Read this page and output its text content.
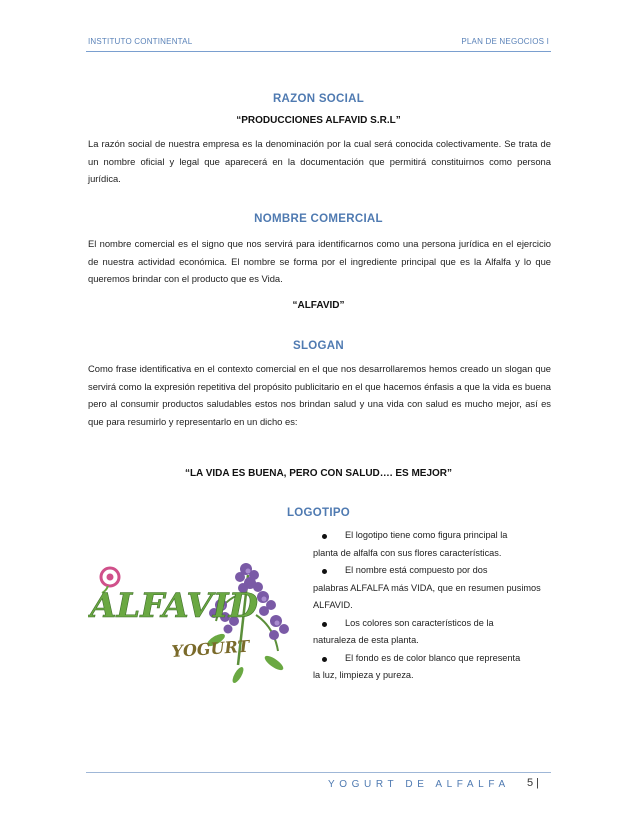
INSTITUTO CONTINENTAL	PLAN DE NEGOCIOS I
RAZON SOCIAL
“PRODUCCIONES ALFAVID S.R.L”

La razón social de nuestra empresa es la denominación por la cual será conocida colectivamente. Se trata de un nombre oficial y legal que aparecerá en la documentación que permitirá constituirnos como persona jurídica.

NOMBRE COMERCIAL

El nombre comercial es el signo que nos servirá para identificarnos como una persona jurídica en el ejercicio de nuestra actividad económica. El nombre se forma por el ingrediente principal que es la Alfalfa y lo que queremos brindar con el producto que es Vida.

“ALFAVID”
SLOGAN

Como frase identificativa en el contexto comercial en el que nos desarrollaremos hemos creado un slogan que servirá como la expresión repetitiva del propósito publicitario en el que hacemos énfasis a que la vida es buena pero al consumir productos saludables estos nos brindan salud y una vida con salud es mucho mejor, así es que para resumirlo y representarlo en un dicho es:

“LA VIDA ES BUENA, PERO CON SALUD…. ES MEJOR”
LOGOTIPO
ALFAVID
YOGURT
El logotipo tiene como figura principal la
planta de alfalfa con sus flores características.
El nombre está compuesto por dos
palabras ALFALFA más VIDA, que en resumen pusimos ALFAVID.
Los colores son característicos de la
naturaleza de esta planta.
El fondo es de color blanco que representa
la luz, limpieza y pureza.
YOGURT DE ALFALFA 5 |
